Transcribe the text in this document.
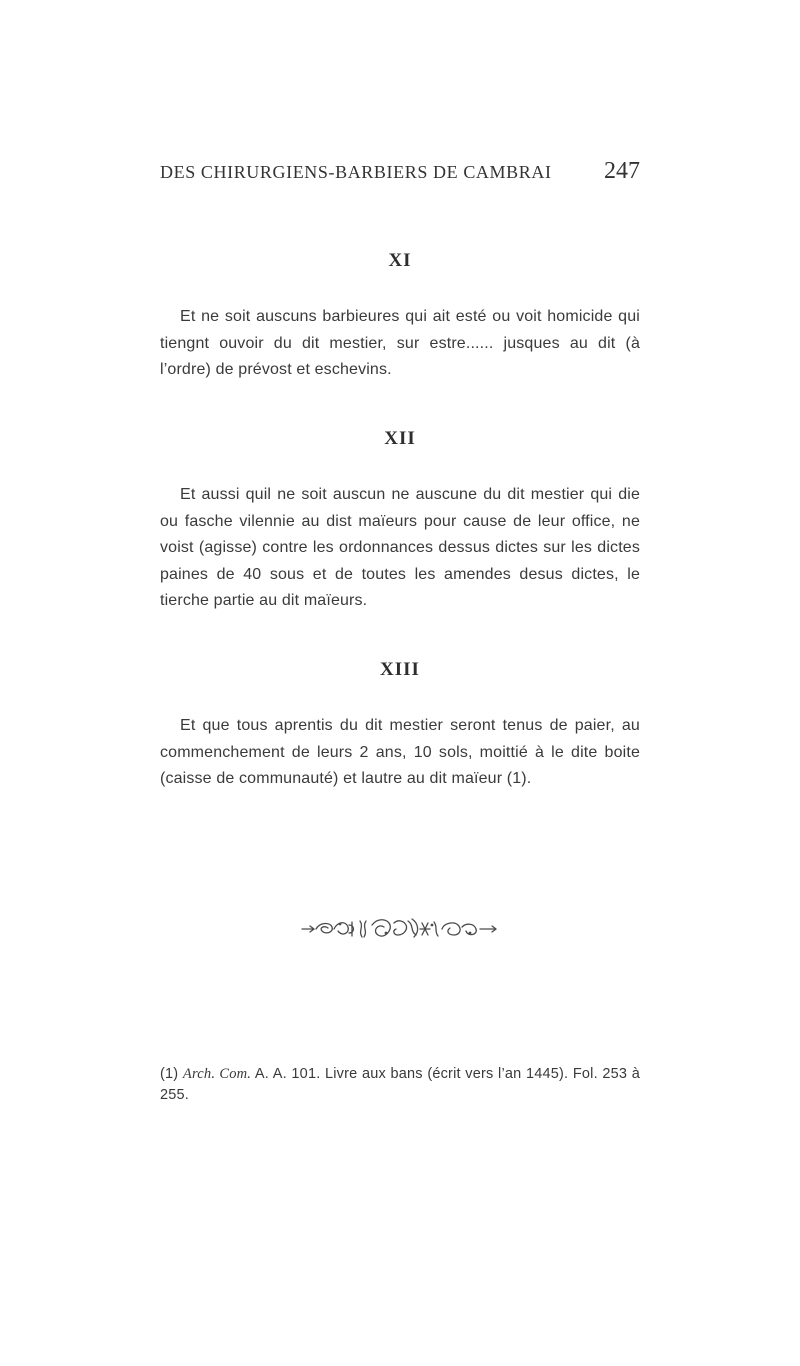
DES CHIRURGIENS-BARBIERS DE CAMBRAI 247
XI

Et ne soit auscuns barbieures qui ait esté ou voit homicide qui tiengnt ouvoir du dit mestier, sur estre...... jusques au dit (à l’ordre) de prévost et eschevins.

XII

Et aussi quil ne soit auscun ne auscune du dit mestier qui die ou fasche vilennie au dist maïeurs pour cause de leur office, ne voist (agisse) contre les ordonnances dessus dictes sur les dictes paines de 40 sous et de toutes les amendes desus dictes, le tierche partie au dit maïeurs.

XIII

Et que tous aprentis du dit mestier seront tenus de paier, au commenchement de leurs 2 ans, 10 sols, moittié à le dite boite (caisse de communauté) et lautre au dit maïeur (1).

(1) Arch. Com. A. A. 101. Livre aux bans (écrit vers l’an 1445). Fol. 253 à 255.
